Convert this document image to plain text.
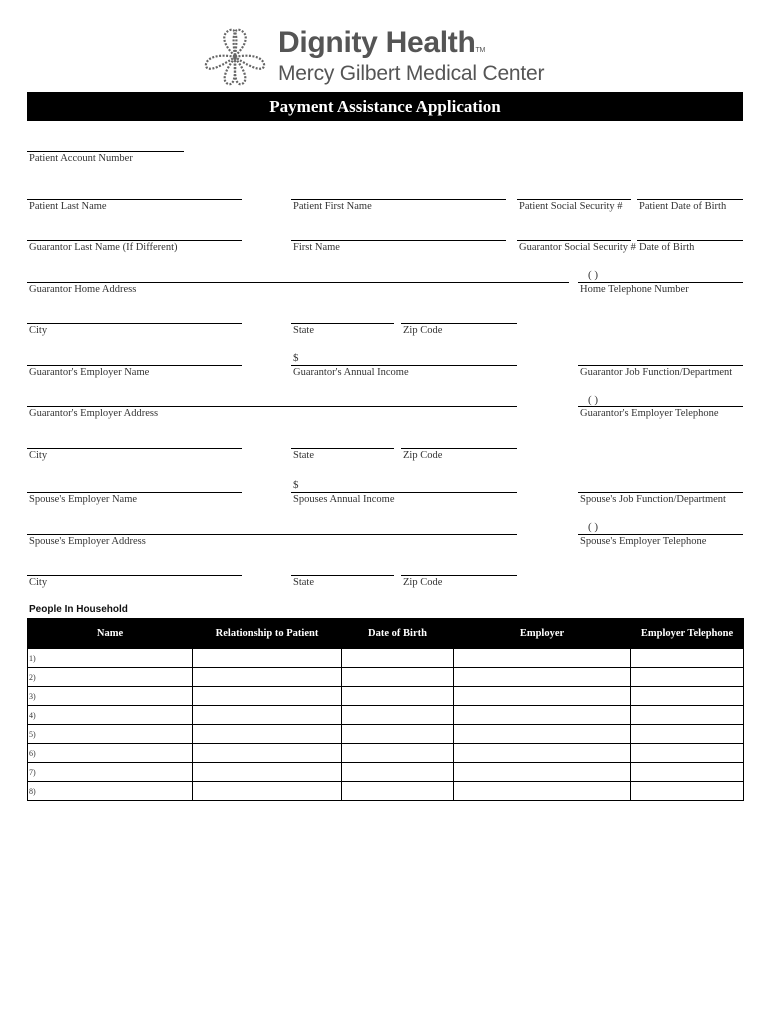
Dignity HealthTM
Mercy Gilbert Medical Center
Payment Assistance Application
Patient Account Number
Patient Last Name	Patient First Name	Patient Social Security # Patient Date of Birth
Guarantor Last Name (If Different)	First Name	Guarantor Social Security # Date of Birth
( )
Guarantor Home Address	Home Telephone Number
City	State	Zip Code
$
Guarantor's Employer Name	Guarantor's Annual Income	Guarantor Job Function/Department
( )
Guarantor's Employer Address	Guarantor's Employer Telephone
City	State	Zip Code
$
Spouse's Employer Name	Spouses Annual Income	Spouse's Job Function/Department
( )
Spouse's Employer Address	Spouse's Employer Telephone
City	State	Zip Code
People In Household
Name	Relationship to Patient	Date of Birth	Employer	Employer Telephone
1)				
2)				
3)				
4)				
5)				
6)				
7)				
8)				
